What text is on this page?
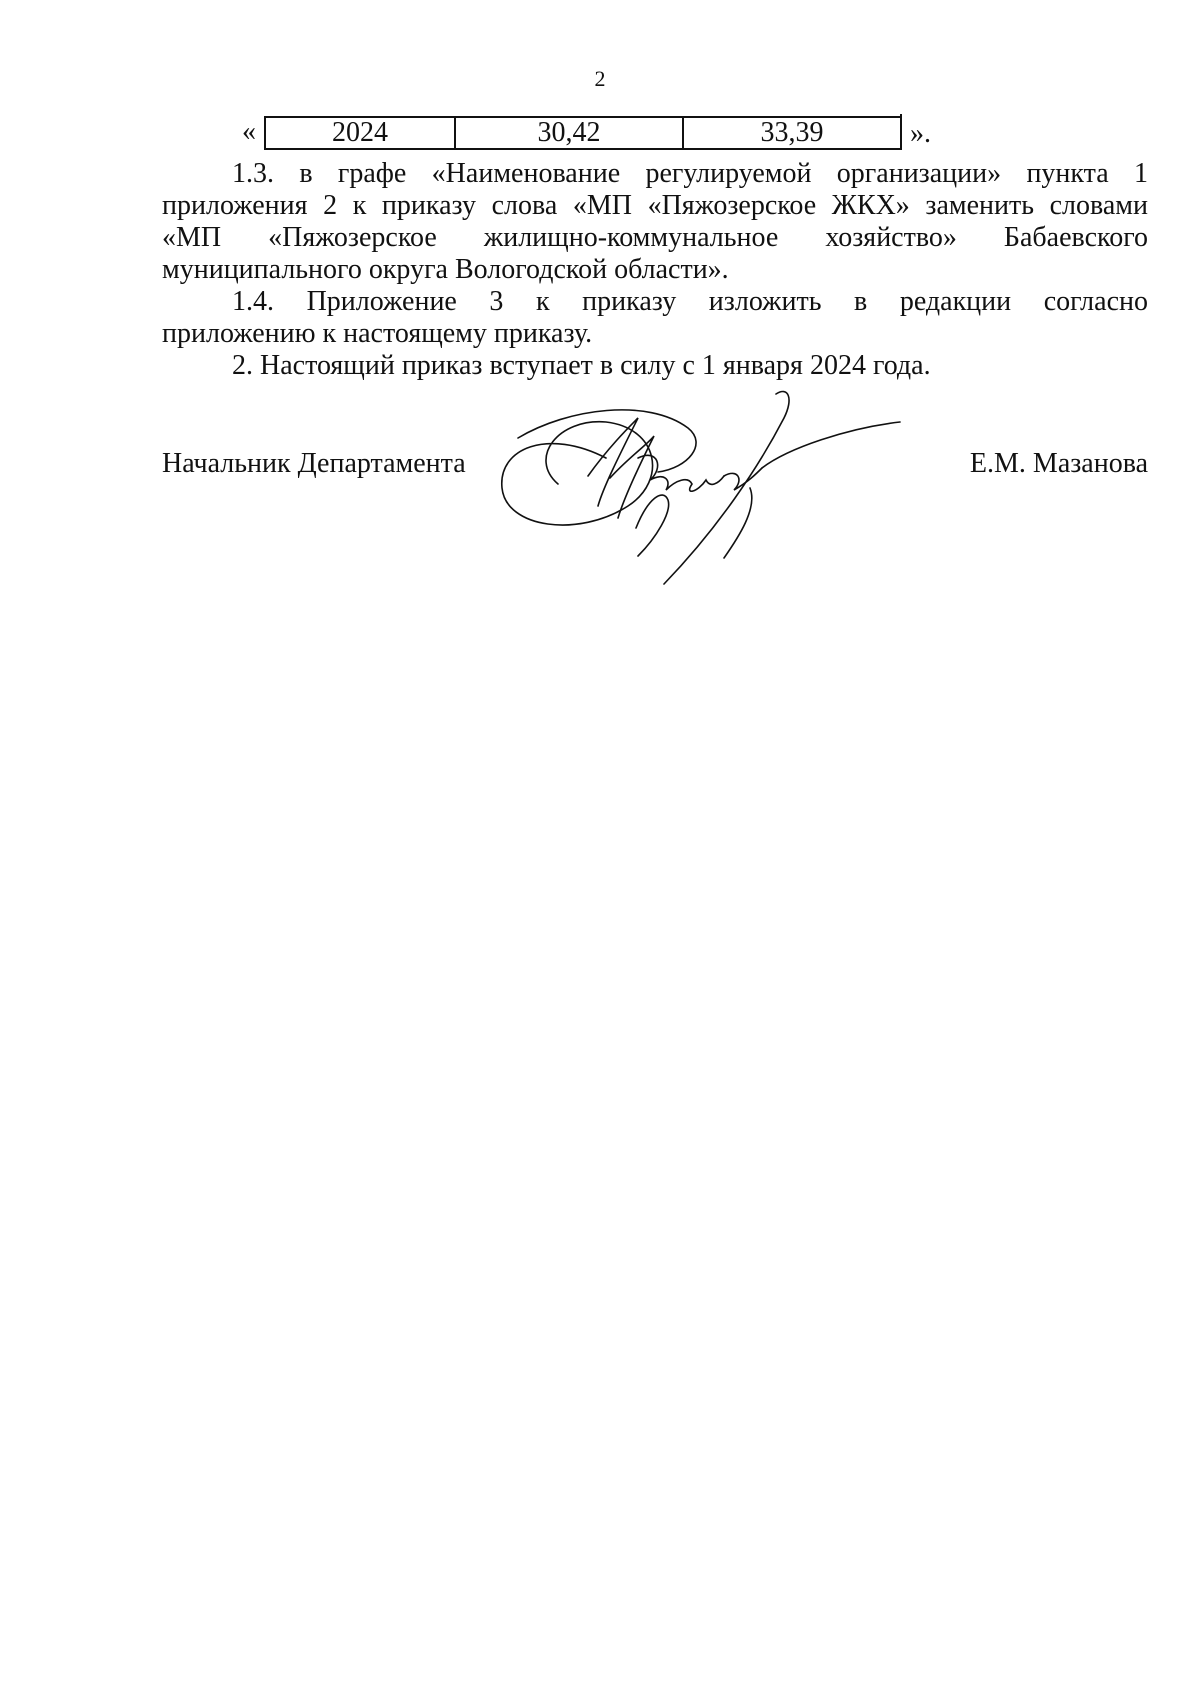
2
«	2024	30,42	33,39	».
1.3. в графе «Наименование регулируемой организации» пункта 1
приложения 2 к приказу слова «МП «Пяжозерское ЖКХ» заменить словами
«МП «Пяжозерское жилищно-коммунальное хозяйство» Бабаевского
муниципального округа Вологодской области».
1.4. Приложение 3 к приказу изложить в редакции согласно
приложению к настоящему приказу.
2. Настоящий приказ вступает в силу с 1 января 2024 года.
Начальник Департамента	Е.М. Мазанова
